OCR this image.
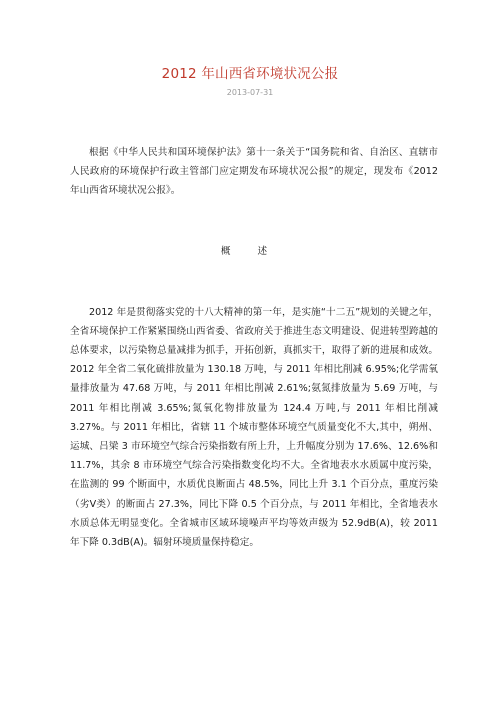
2012 年山西省环境状况公报
2013-07-31

根据《中华人民共和国环境保护法》第十一条关于“国务院和省、自治区、直辖市人民政府的环境保护行政主管部门应定期发布环境状况公报”的规定，现发布《2012 年山西省环境状况公报》。

概 述

2012 年是贯彻落实党的十八大精神的第一年，是实施“十二五”规划的关键之年，全省环境保护工作紧紧围绕山西省委、省政府关于推进生态文明建设、促进转型跨越的总体要求，以污染物总量减排为抓手，开拓创新，真抓实干，取得了新的进展和成效。2012 年全省二氧化硫排放量为 130.18 万吨，与 2011 年相比削减 6.95%;化学需氧量排放量为 47.68 万吨，与 2011 年相比削减 2.61%;氨氮排放量为 5.69 万吨，与 2011 年相比削减 3.65%;氮氧化物排放量为 124.4 万吨,与 2011 年相比削减 3.27%。与 2011 年相比，省辖 11 个城市整体环境空气质量变化不大,其中，朔州、运城、吕梁 3 市环境空气综合污染指数有所上升，上升幅度分别为 17.6%、12.6%和 11.7%，其余 8 市环境空气综合污染指数变化均不大。全省地表水水质属中度污染，在监测的 99 个断面中，水质优良断面占 48.5%，同比上升 3.1 个百分点，重度污染（劣Ⅴ类）的断面占 27.3%，同比下降 0.5 个百分点，与 2011 年相比，全省地表水水质总体无明显变化。全省城市区域环境噪声平均等效声级为 52.9dB(A)，较 2011 年下降 0.3dB(A)。辐射环境质量保持稳定。
